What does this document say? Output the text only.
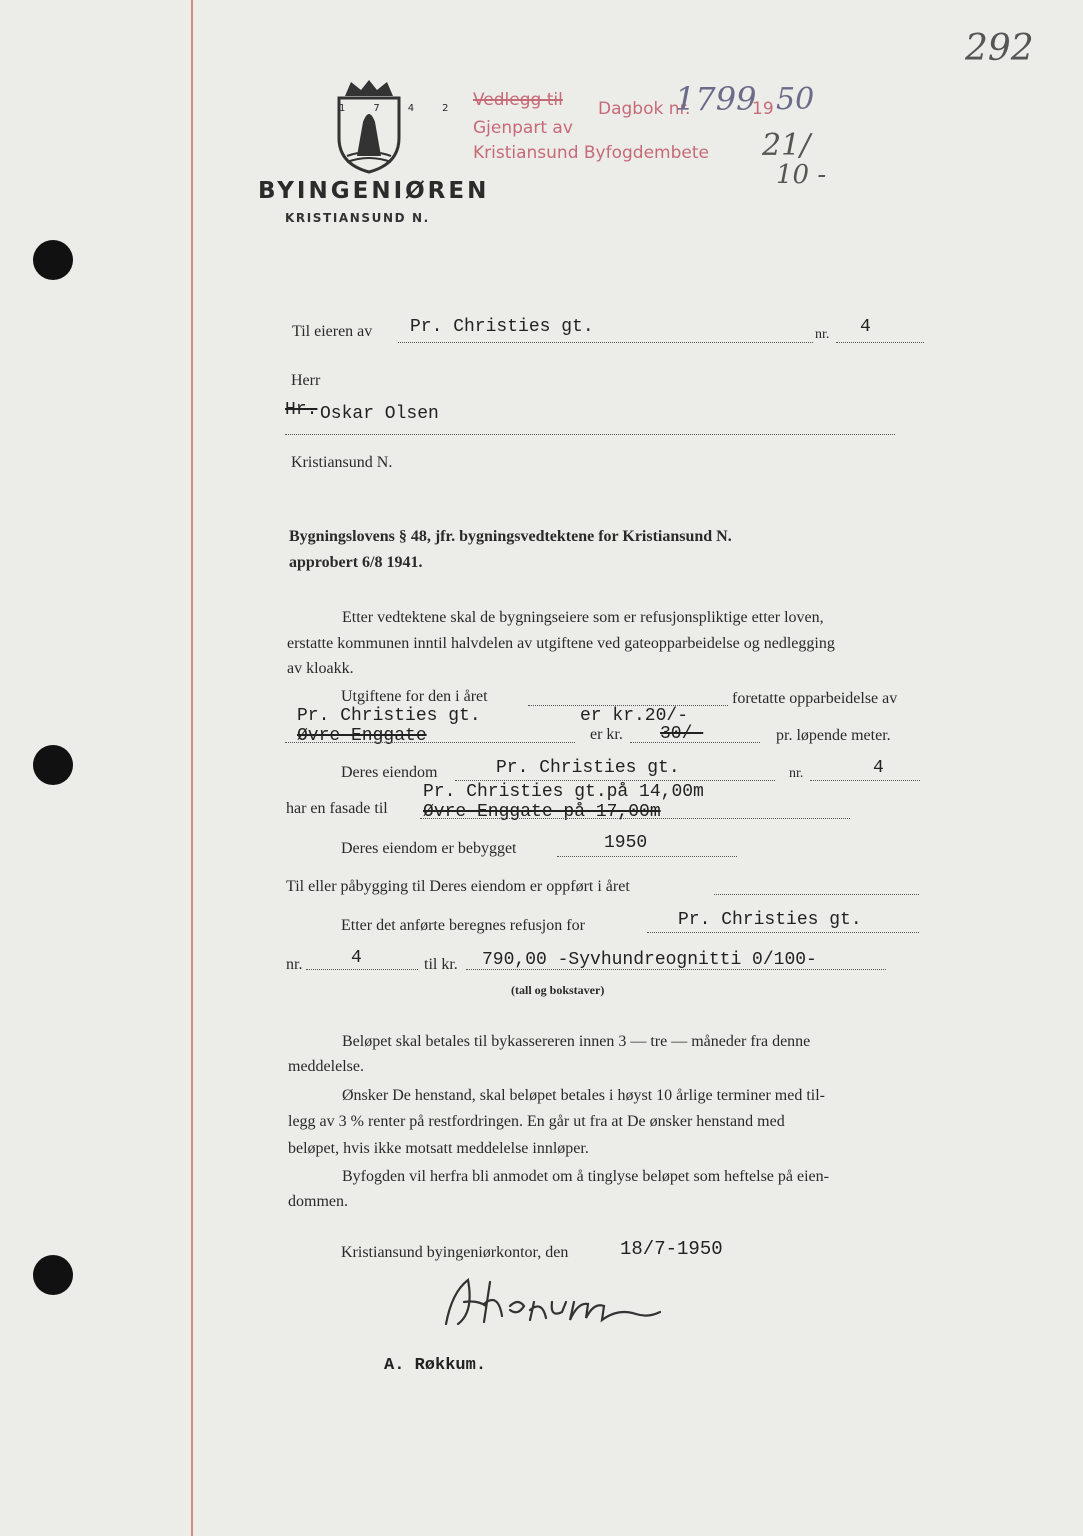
292
1742
Vedlegg til Dagbok nr.
1799
19 50
Gjenpart av
Kristiansund Byfogdembete 21/
10 -
BYINGENIØREN
KRISTIANSUND N.
Til eieren av Pr. Christies gt.	nr. 4
Herr
Hr. Oskar Olsen
Kristiansund N.
Bygningslovens § 48, jfr. bygningsvedtektene for Kristiansund N.
approbert 6/8 1941.
Etter vedtektene skal de bygningseiere som er refusjonspliktige etter loven,
erstatte kommunen inntil halvdelen av utgiftene ved gateopparbeidelse og nedlegging
av kloakk.
Utgiftene for den i året	foretatte opparbeidelse av
Pr. Christies gt.	er kr.20/-
Øvre Enggate	er kr. 30/-	pr. løpende meter.
Deres eiendom	Pr. Christies gt.	nr.	4
har en fasade til
Pr. Christies gt.på 14,00m
Øvre Enggate på 17,00m
Deres eiendom er bebygget	1950
Til eller påbygging til Deres eiendom er oppført i året
Etter det anførte beregnes refusjon for	Pr. Christies gt.
nr.	4	til kr. 790,00 -Syvhundreognitti 0/100-
(tall og bokstaver)
Beløpet skal betales til bykassereren innen 3 — tre — måneder fra denne
meddelelse.
Ønsker De henstand, skal beløpet betales i høyst 10 årlige terminer med til-
legg av 3 % renter på restfordringen. En går ut fra at De ønsker henstand med
beløpet, hvis ikke motsatt meddelelse innløper.
Byfogden vil herfra bli anmodet om å tinglyse beløpet som heftelse på eien-
dommen.
Kristiansund byingeniørkontor, den	18/7-1950
A. Røkkum.
